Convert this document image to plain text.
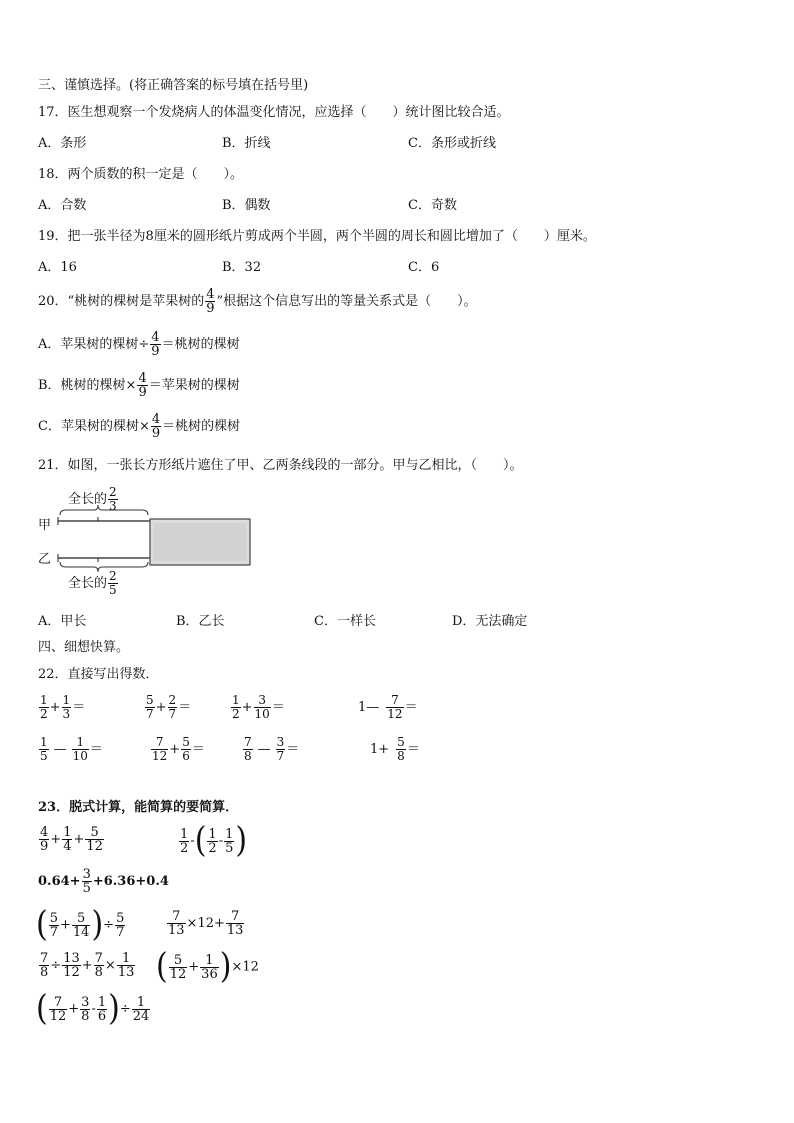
三、谨慎选择。(将正确答案的标号填在括号里)
17．医生想观察一个发烧病人的体温变化情况，应选择（　　）统计图比较合适。
A．条形	B．折线	C．条形或折线
18．两个质数的积一定是（　　）。
A．合数	B．偶数	C．奇数
19．把一张半径为8厘米的圆形纸片剪成两个半圆，两个半圆的周长和圆比增加了（　　）厘米。
A．16	B．32	C．6
20．“桃树的棵树是苹果树的 $\frac{4}{9}$ ”根据这个信息写出的等量关系式是（　　）。
A．苹果树的棵树÷ $\frac{4}{9}$ ＝桃树的棵树
B．桃树的棵树× $\frac{4}{9}$ ＝苹果树的棵树
C．苹果树的棵树× $\frac{4}{9}$ ＝桃树的棵树
21．如图，一张长方形纸片遮住了甲、乙两条线段的一部分。甲与乙相比，（　　）。
甲
乙
全长的 $\frac{2}{3}$
全长的 $\frac{2}{5}$
A．甲长	B．乙长	C．一样长	D．无法确定
四、细想快算。
22．直接写出得数．
$\frac{1}{2} + \frac{1}{3}$ ＝	$\frac{5}{7} + \frac{2}{7}$ ＝	$\frac{1}{2} + \frac{3}{10}$ ＝	1— $\frac{7}{12}$ ＝
$\frac{1}{5}$ — $\frac{1}{10}$ ＝	$\frac{7}{12} + \frac{5}{6}$ ＝	$\frac{7}{8}$ — $\frac{3}{7}$ ＝	$1+ \frac{5}{8}$ ＝
23．脱式计算，能简算的要简算．
$\frac{4}{9} + \frac{1}{4} + \frac{5}{12}$	$\frac{1}{2}$ -( $\frac{1}{2} - \frac{1}{5}$ )
$0.64+ \frac{3}{5} +6.36+0.4$
( $\frac{5}{7} + \frac{5}{14}$ )÷ $\frac{5}{7}$	$\frac{7}{13} \times 12+ \frac{7}{13}$
$\frac{7}{8} \div \frac{13}{12} + \frac{7}{8} \times \frac{1}{13}$ ( $\frac{5}{12} + \frac{1}{36} )\times 12$
( $\frac{7}{12} + \frac{3}{8} - \frac{1}{6}$ )÷ $\frac{1}{24}$
